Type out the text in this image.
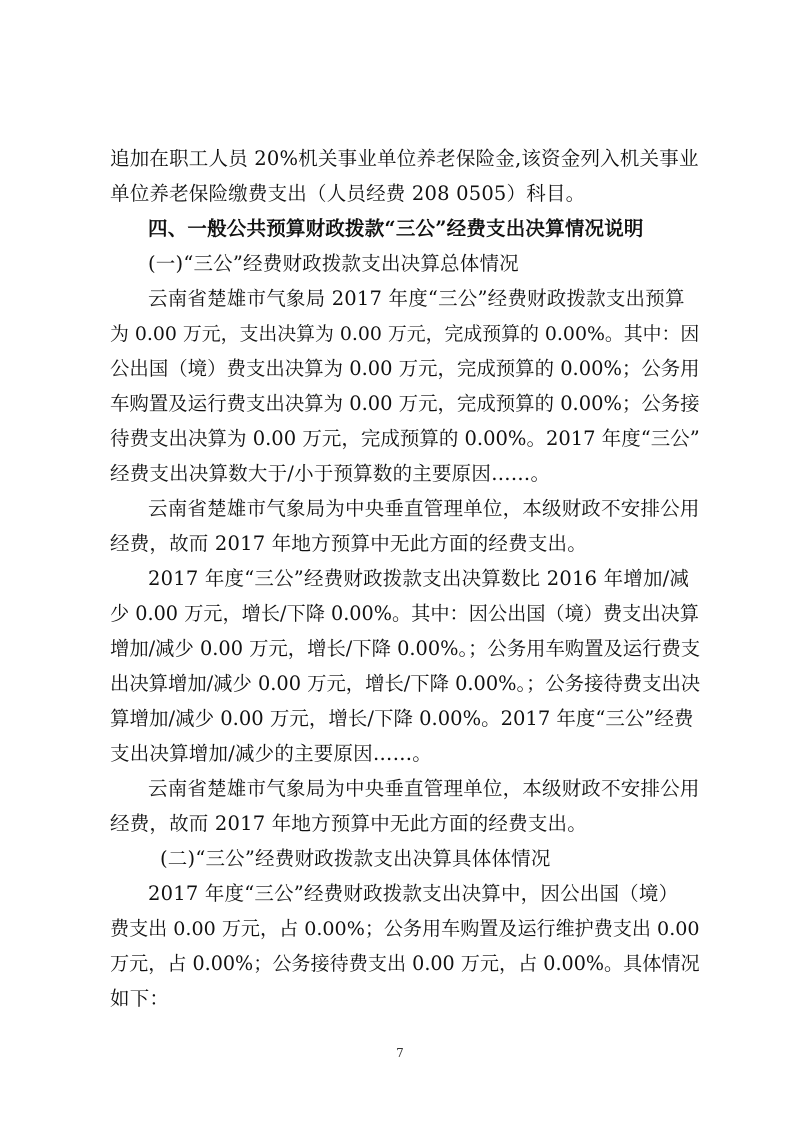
追加在职工人员 20%机关事业单位养老保险金,该资金列入机关事业

单位养老保险缴费支出（人员经费 208 0505）科目。

四、一般公共预算财政拨款“三公”经费支出决算情况说明

(一)“三公”经费财政拨款支出决算总体情况

云南省楚雄市气象局 2017 年度“三公”经费财政拨款支出预算

为 0.00 万元，支出决算为 0.00 万元，完成预算的 0.00%。其中：因

公出国（境）费支出决算为 0.00 万元，完成预算的 0.00%；公务用

车购置及运行费支出决算为 0.00 万元，完成预算的 0.00%；公务接

待费支出决算为 0.00 万元，完成预算的 0.00%。2017 年度“三公”

经费支出决算数大于/小于预算数的主要原因……。

云南省楚雄市气象局为中央垂直管理单位，本级财政不安排公用

经费，故而 2017 年地方预算中无此方面的经费支出。

2017 年度“三公”经费财政拨款支出决算数比 2016 年增加/减

少 0.00 万元，增长/下降 0.00%。其中：因公出国（境）费支出决算

增加/减少 0.00 万元，增长/下降 0.00%。；公务用车购置及运行费支

出决算增加/减少 0.00 万元，增长/下降 0.00%。；公务接待费支出决

算增加/减少 0.00 万元，增长/下降 0.00%。2017 年度“三公”经费

支出决算增加/减少的主要原因……。

云南省楚雄市气象局为中央垂直管理单位，本级财政不安排公用

经费，故而 2017 年地方预算中无此方面的经费支出。

(二)“三公”经费财政拨款支出决算具体体情况

2017 年度“三公”经费财政拨款支出决算中，因公出国（境）

费支出 0.00 万元，占 0.00%；公务用车购置及运行维护费支出 0.00

万元，占 0.00%；公务接待费支出 0.00 万元，占 0.00%。具体情况

如下：

7
